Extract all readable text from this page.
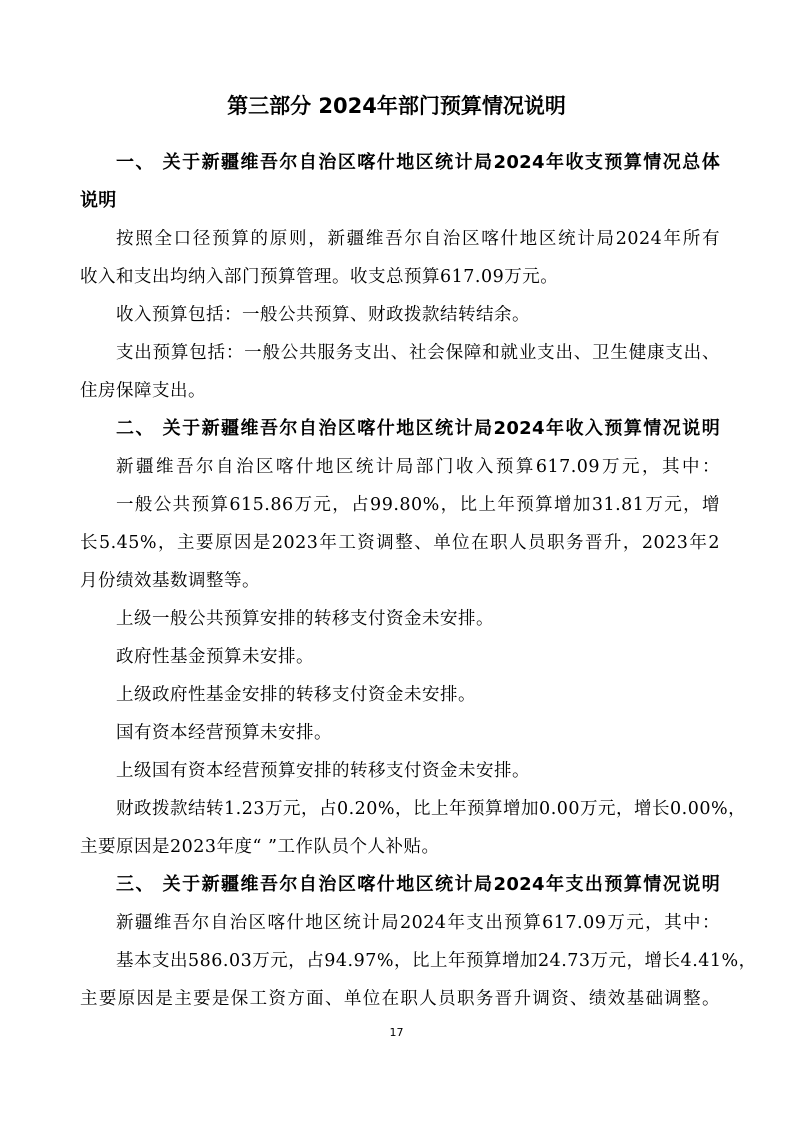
第三部分 2024年部门预算情况说明
一、 关于新疆维吾尔自治区喀什地区统计局2024年收支预算情况总体
说明
按照全口径预算的原则，新疆维吾尔自治区喀什地区统计局2024年所有
收入和支出均纳入部门预算管理。收支总预算617.09万元。
收入预算包括：一般公共预算、财政拨款结转结余。
支出预算包括：一般公共服务支出、社会保障和就业支出、卫生健康支出、
住房保障支出。
二、 关于新疆维吾尔自治区喀什地区统计局2024年收入预算情况说明
新疆维吾尔自治区喀什地区统计局部门收入预算617.09万元，其中：
一般公共预算615.86万元，占99.80%，比上年预算增加31.81万元，增
长5.45%，主要原因是2023年工资调整、单位在职人员职务晋升，2023年2
月份绩效基数调整等。
上级一般公共预算安排的转移支付资金未安排。
政府性基金预算未安排。
上级政府性基金安排的转移支付资金未安排。
国有资本经营预算未安排。
上级国有资本经营预算安排的转移支付资金未安排。
财政拨款结转1.23万元，占0.20%，比上年预算增加0.00万元，增长0.00%，
主要原因是2023年度“ ”工作队员个人补贴。
三、 关于新疆维吾尔自治区喀什地区统计局2024年支出预算情况说明
新疆维吾尔自治区喀什地区统计局2024年支出预算617.09万元，其中：
基本支出586.03万元，占94.97%，比上年预算增加24.73万元，增长4.41%，
主要原因是主要是保工资方面、单位在职人员职务晋升调资、绩效基础调整。
17
